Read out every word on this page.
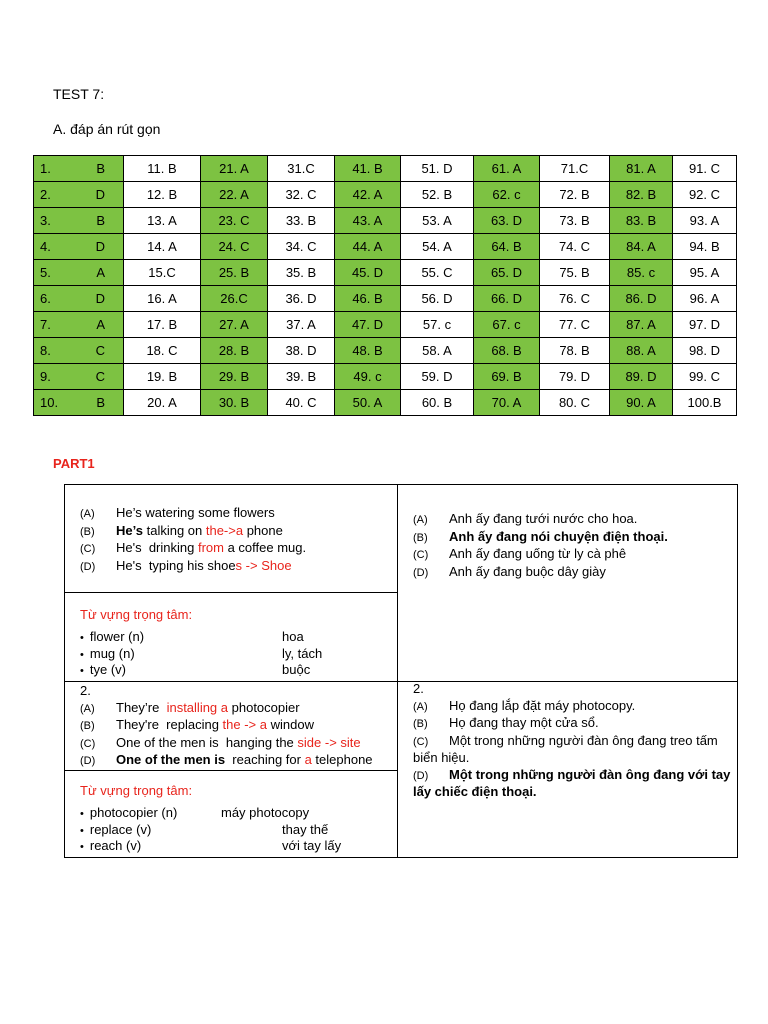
TEST 7:
A. đáp án rút gọn
1. B	11. B	21. A	31.C	41. B	51. D	61. A	71.C	81. A	91. C

2. D	12. B	22. A	32. C	42. A	52. B	62. c	72. B	82. B	92. C

3. B	13. A	23. C	33. B	43. A	53. A	63. D	73. B	83. B	93. A

4. D	14. A	24. C	34. C	44. A	54. A	64. B	74. C	84. A	94. B

5. A	15.C	25. B	35. B	45. D	55. C	65. D	75. B	85. c	95. A

6. D	16. A	26.C	36. D	46. B	56. D	66. D	76. C	86. D	96. A

7. A	17. B	27. A	37. A	47. D	57. c	67. c	77. C	87. A	97. D

8. C	18. C	28. B	38. D	48. B	58. A	68. B	78. B	88. A	98. D

9. C	19. B	29. B	39. B	49. c	59. D	69. B	79. D	89. D	99. C

10. B	20. A	30. B	40. C	50. A	60. B	70. A	80. C	90. A	100.B
PART1
(A)	He’s watering some flowers
(B)	He’s talking on the->a phone
(C)	He's  drinking from a coffee mug.
(D)	He's  typing his shoes -> Shoe
Từ vựng trọng tâm:
• flower (n)	hoa
• mug (n)	ly, tách
• tye (v)	buộc
(A) Anh ấy đang tưới nước cho hoa.
(B) Anh ấy đang nói chuyện điện thoại.
(C) Anh ấy đang uống từ ly cà phê
(D) Anh ấy đang buộc dây giày
2.
(A)	They’re  installing a photocopier
(B)	They're  replacing the -> a window
(C)	One of the men is  hanging the side -> site
(D)	One of the men is  reaching for a telephone
Từ vựng trọng tâm:
• photocopier (n)	máy photocopy
• replace (v)	thay thế
• reach (v)	với tay lấy
2.
(A) Họ đang lắp đặt máy photocopy.
(B) Họ đang thay một cửa sổ.
(C) Một trong những người đàn ông đang treo tấm biển hiệu.
(D) Một trong những người đàn ông đang với tay lấy chiếc điện thoại.
